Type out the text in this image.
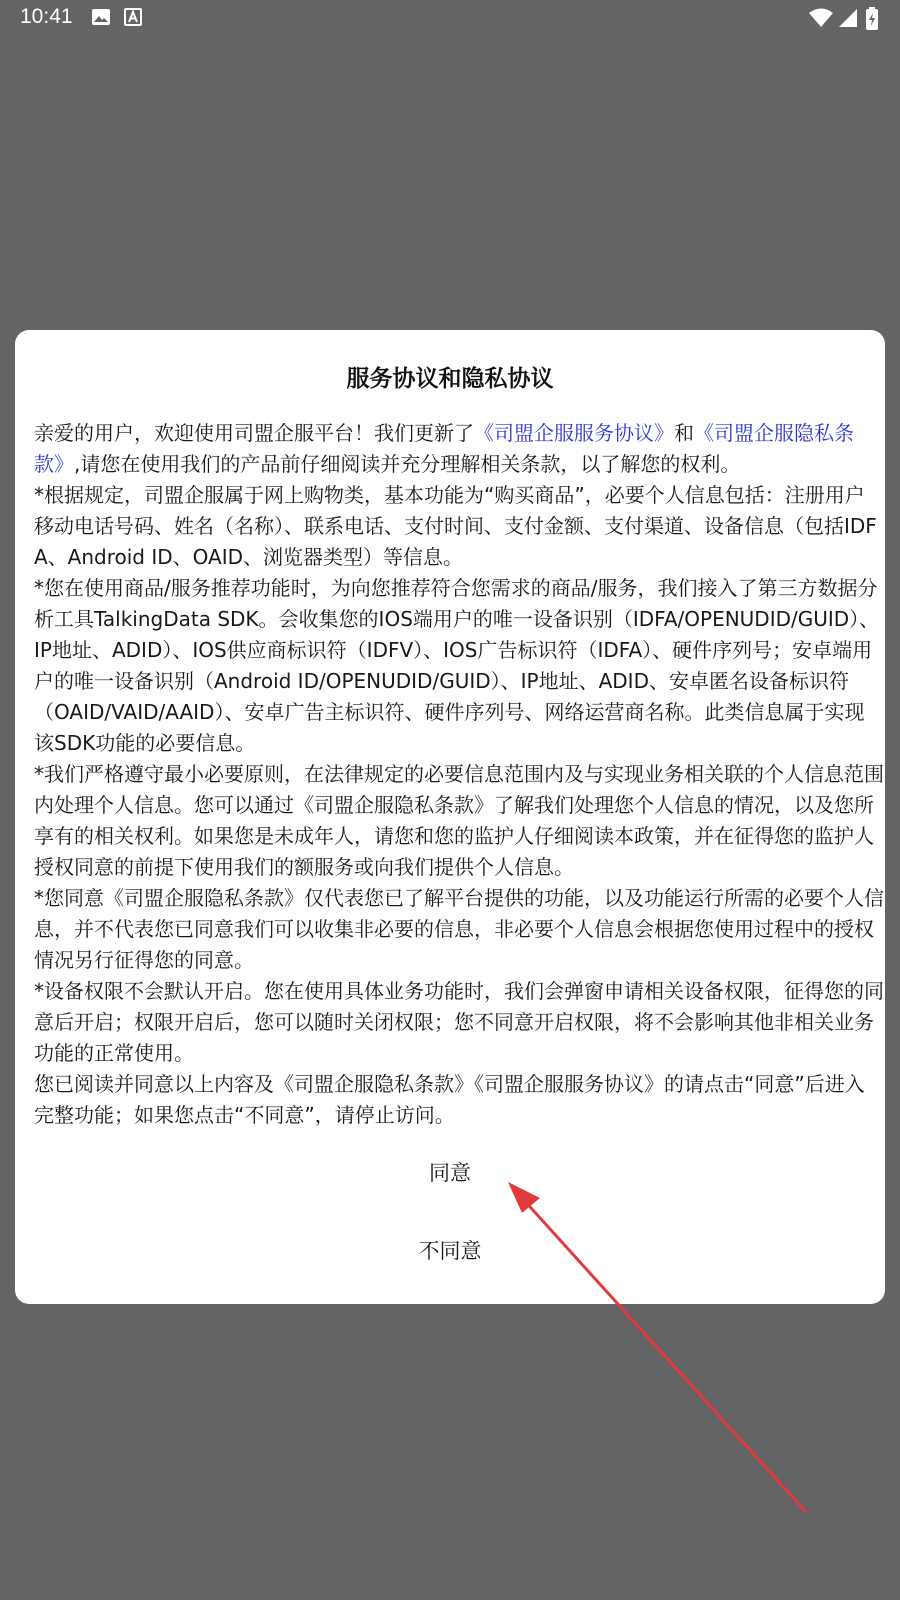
10:41
服务协议和隐私协议

亲爱的用户，欢迎使用司盟企服平台！我们更新了《司盟企服服务协议》和《司盟企服隐私条款》,请您在使用我们的产品前仔细阅读并充分理解相关条款，以了解您的权利。

*根据规定，司盟企服属于网上购物类，基本功能为“购买商品”，必要个人信息包括：注册用户移动电话号码、姓名（名称）、联系电话、支付时间、支付金额、支付渠道、设备信息（包括IDFA、Android ID、OAID、浏览器类型）等信息。

*您在使用商品/服务推荐功能时，为向您推荐符合您需求的商品/服务，我们接入了第三方数据分析工具TalkingData SDK。会收集您的IOS端用户的唯一设备识别（IDFA/OPENUDID/GUID）、IP地址、ADID）、IOS供应商标识符（IDFV）、IOS广告标识符（IDFA）、硬件序列号；安卓端用户的唯一设备识别（Android ID/OPENUDID/GUID）、IP地址、ADID、安卓匿名设备标识符（OAID/VAID/AAID）、安卓广告主标识符、硬件序列号、网络运营商名称。此类信息属于实现该SDK功能的必要信息。

*我们严格遵守最小必要原则，在法律规定的必要信息范围内及与实现业务相关联的个人信息范围内处理个人信息。您可以通过《司盟企服隐私条款》了解我们处理您个人信息的情况，以及您所享有的相关权利。如果您是未成年人，请您和您的监护人仔细阅读本政策，并在征得您的监护人授权同意的前提下使用我们的额服务或向我们提供个人信息。

*您同意《司盟企服隐私条款》仅代表您已了解平台提供的功能，以及功能运行所需的必要个人信息，并不代表您已同意我们可以收集非必要的信息，非必要个人信息会根据您使用过程中的授权情况另行征得您的同意。

*设备权限不会默认开启。您在使用具体业务功能时，我们会弹窗申请相关设备权限，征得您的同意后开启；权限开启后，您可以随时关闭权限；您不同意开启权限，将不会影响其他非相关业务功能的正常使用。

您已阅读并同意以上内容及《司盟企服隐私条款》《司盟企服服务协议》的请点击“同意”后进入完整功能；如果您点击“不同意”，请停止访问。

同意
不同意
